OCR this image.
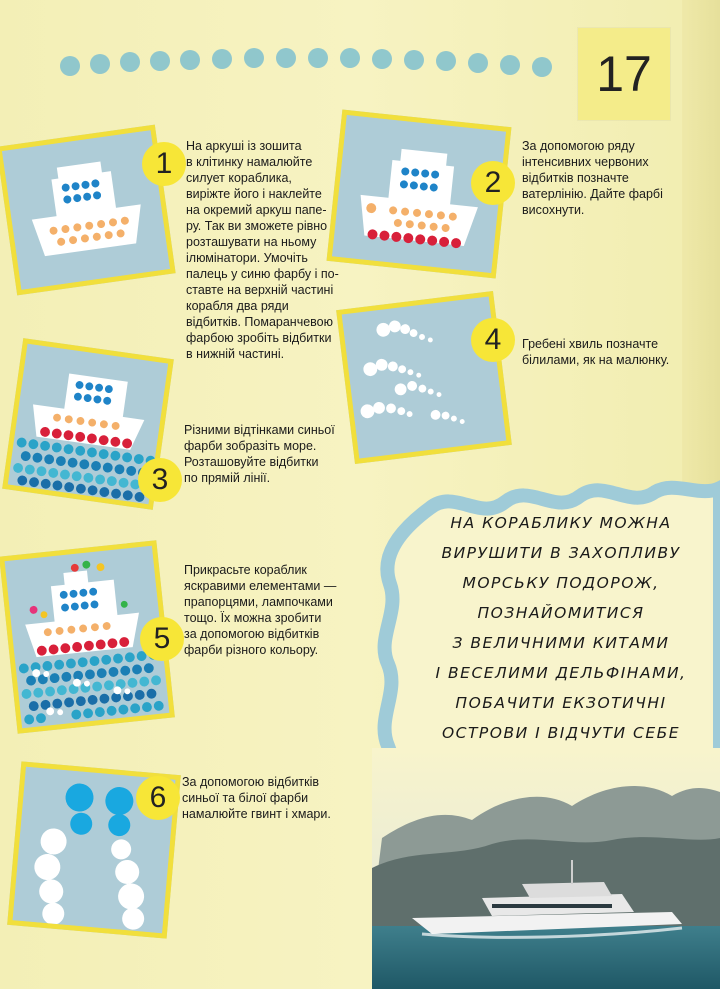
17
1
На аркуші із зошита
в клітинку намалюйте
силует кораблика,
виріжте його і наклейте
на окремий аркуш папе-
ру. Так ви зможете рівно
розташувати на ньому
ілюмінатори. Умочіть
палець у синю фарбу і по-
ставте на верхній частині
корабля два ряди
відбитків. Помаранчевою
фарбою зробіть відбитки
в нижній частині.
2
За допомогою ряду
інтенсивних червоних
відбитків позначте
ватерлінію. Дайте фарбі
висохнути.
4	Гребені хвиль позначте
білилами, як на малюнку.
3
Різними відтінками синьої
фарби зобразіть море.
Розташовуйте відбитки
по прямій лінії.
5
Прикрасьте кораблик
яскравими елементами —
прапорцями, лампочками
тощо. Їх можна зробити
за допомогою відбитків
фарби різного кольору.
6	За допомогою відбитків
синьої та білої фарби
намалюйте гвинт і хмари.
НА КОРАБЛИКУ МОЖНА
ВИРУШИТИ В ЗАХОПЛИВУ
МОРСЬКУ ПОДОРОЖ,
ПОЗНАЙОМИТИСЯ
З ВЕЛИЧНИМИ КИТАМИ
І ВЕСЕЛИМИ ДЕЛЬФІНАМИ,
ПОБАЧИТИ ЕКЗОТИЧНІ
ОСТРОВИ І ВІДЧУТИ СЕБЕ
